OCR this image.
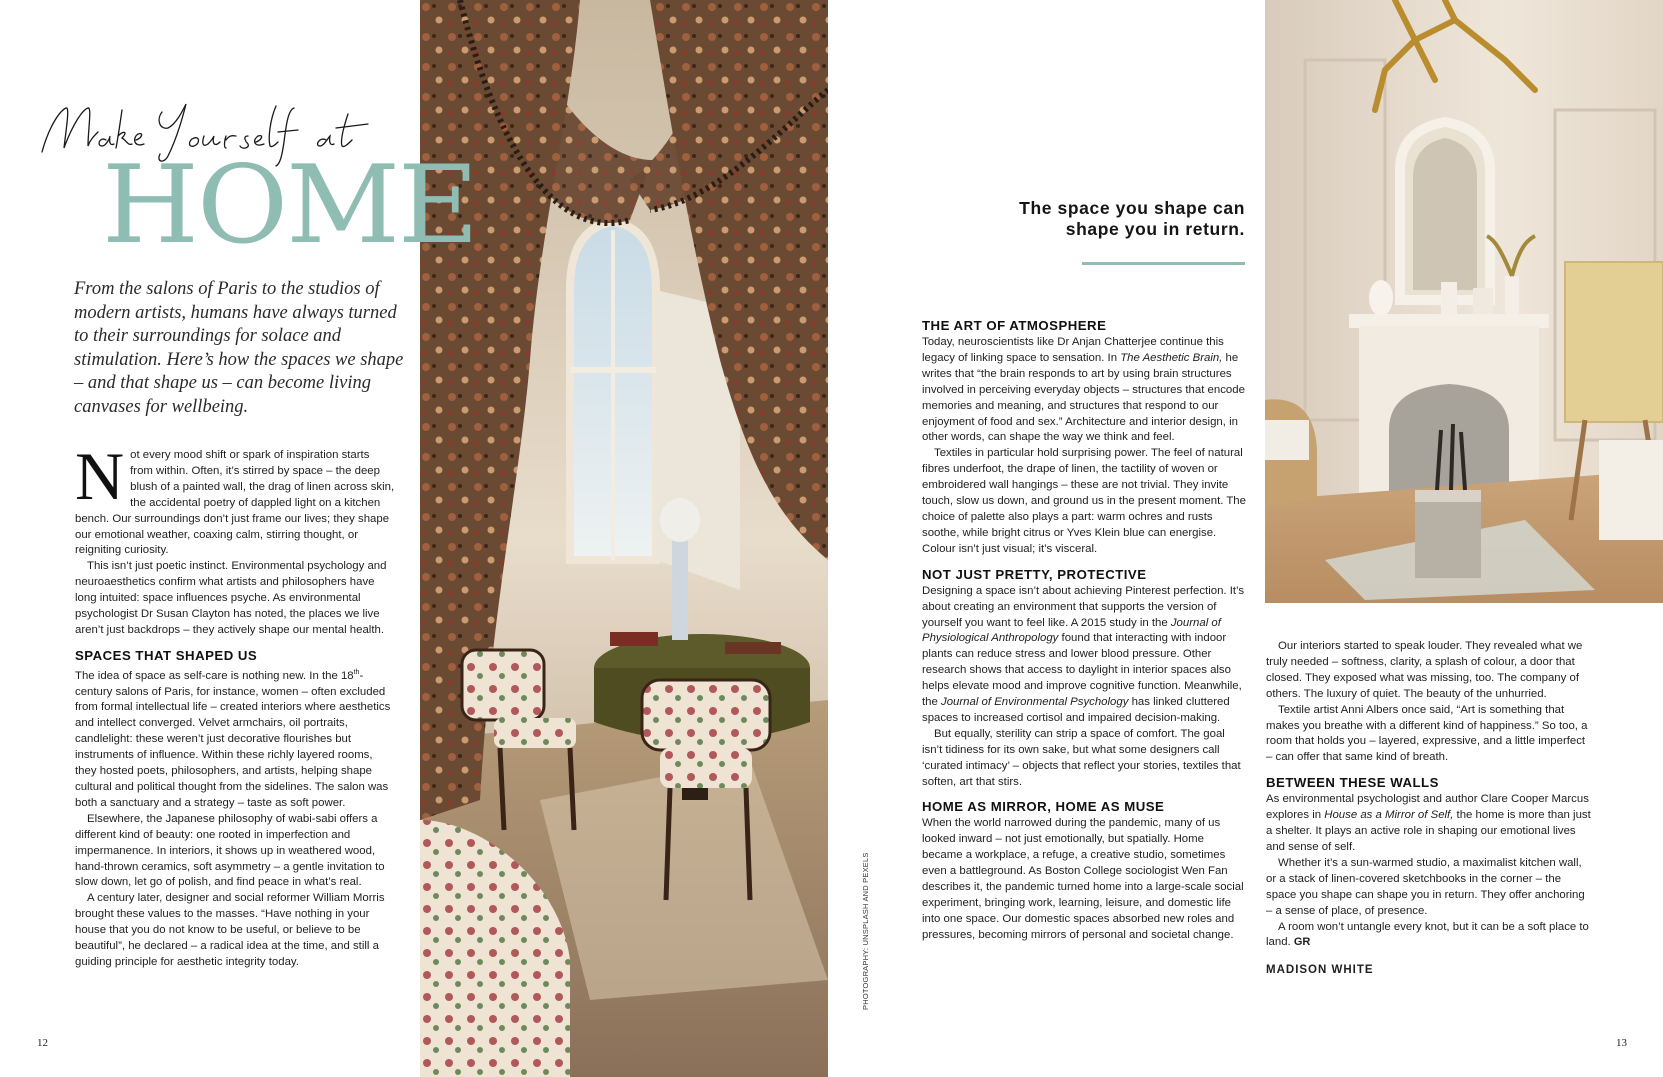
HOME

From the salons of Paris to the studios of modern artists, humans have always turned to their surroundings for solace and stimulation. Here’s how the spaces we shape – and that shape us – can become living canvases for wellbeing.

Not every mood shift or spark of inspiration starts from within. Often, it’s stirred by space – the deep blush of a painted wall, the drag of linen across skin, the accidental poetry of dappled light on a kitchen bench. Our surroundings don’t just frame our lives; they shape our emotional weather, coaxing calm, stirring thought, or reigniting curiosity.

This isn’t just poetic instinct. Environmental psychology and neuroaesthetics confirm what artists and philosophers have long intuited: space influences psyche. As environmental psychologist Dr Susan Clayton has noted, the places we live aren’t just backdrops – they actively shape our mental health.

SPACES THAT SHAPED US

The idea of space as self-care is nothing new. In the 18th-century salons of Paris, for instance, women – often excluded from formal intellectual life – created interiors where aesthetics and intellect converged. Velvet armchairs, oil portraits, candlelight: these weren’t just decorative flourishes but instruments of influence. Within these richly layered rooms, they hosted poets, philosophers, and artists, helping shape cultural and political thought from the sidelines. The salon was both a sanctuary and a strategy – taste as soft power.

Elsewhere, the Japanese philosophy of wabi-sabi offers a different kind of beauty: one rooted in imperfection and impermanence. In interiors, it shows up in weathered wood, hand-thrown ceramics, soft asymmetry – a gentle invitation to slow down, let go of polish, and find peace in what’s real.

A century later, designer and social reformer William Morris brought these values to the masses. “Have nothing in your house that you do not know to be useful, or believe to be beautiful”, he declared – a radical idea at the time, and still a guiding principle for aesthetic integrity today.	PHOTOGRAPHY: UNSPLASH AND PEXELS
The space you shape can
shape you in return.
THE ART OF ATMOSPHERE

Today, neuroscientists like Dr Anjan Chatterjee continue this legacy of linking space to sensation. In The Aesthetic Brain, he writes that “the brain responds to art by using brain structures involved in perceiving everyday objects – structures that encode memories and meaning, and structures that respond to our enjoyment of food and sex.” Architecture and interior design, in other words, can shape the way we think and feel.

Textiles in particular hold surprising power. The feel of natural fibres underfoot, the drape of linen, the tactility of woven or embroidered wall hangings – these are not trivial. They invite touch, slow us down, and ground us in the present moment. The choice of palette also plays a part: warm ochres and rusts soothe, while bright citrus or Yves Klein blue can energise. Colour isn’t just visual; it’s visceral.

NOT JUST PRETTY, PROTECTIVE

Designing a space isn’t about achieving Pinterest perfection. It’s about creating an environment that supports the version of yourself you want to feel like. A 2015 study in the Journal of Physiological Anthropology found that interacting with indoor plants can reduce stress and lower blood pressure. Other research shows that access to daylight in interior spaces also helps elevate mood and improve cognitive function. Meanwhile, the Journal of Environmental Psychology has linked cluttered spaces to increased cortisol and impaired decision-making.

But equally, sterility can strip a space of comfort. The goal isn’t tidiness for its own sake, but what some designers call ‘curated intimacy’ – objects that reflect your stories, textiles that soften, art that stirs.

HOME AS MIRROR, HOME AS MUSE

When the world narrowed during the pandemic, many of us looked inward – not just emotionally, but spatially. Home became a workplace, a refuge, a creative studio, sometimes even a battleground. As Boston College sociologist Wen Fan describes it, the pandemic turned home into a large-scale social experiment, bringing work, learning, leisure, and domestic life into one space. Our domestic spaces absorbed new roles and pressures, becoming mirrors of personal and societal change.

Our interiors started to speak louder. They revealed what we truly needed – softness, clarity, a splash of colour, a door that closed. They exposed what was missing, too. The company of others. The luxury of quiet. The beauty of the unhurried.

Textile artist Anni Albers once said, “Art is something that makes you breathe with a different kind of happiness.” So too, a room that holds you – layered, expressive, and a little imperfect – can offer that same kind of breath.

BETWEEN THESE WALLS

As environmental psychologist and author Clare Cooper Marcus explores in House as a Mirror of Self, the home is more than just a shelter. It plays an active role in shaping our emotional lives and sense of self.

Whether it’s a sun-warmed studio, a maximalist kitchen wall, or a stack of linen-covered sketchbooks in the corner – the space you shape can shape you in return. They offer anchoring – a sense of place, of presence.

A room won’t untangle every knot, but it can be a soft place to land. GR

MADISON WHITE
12	13
